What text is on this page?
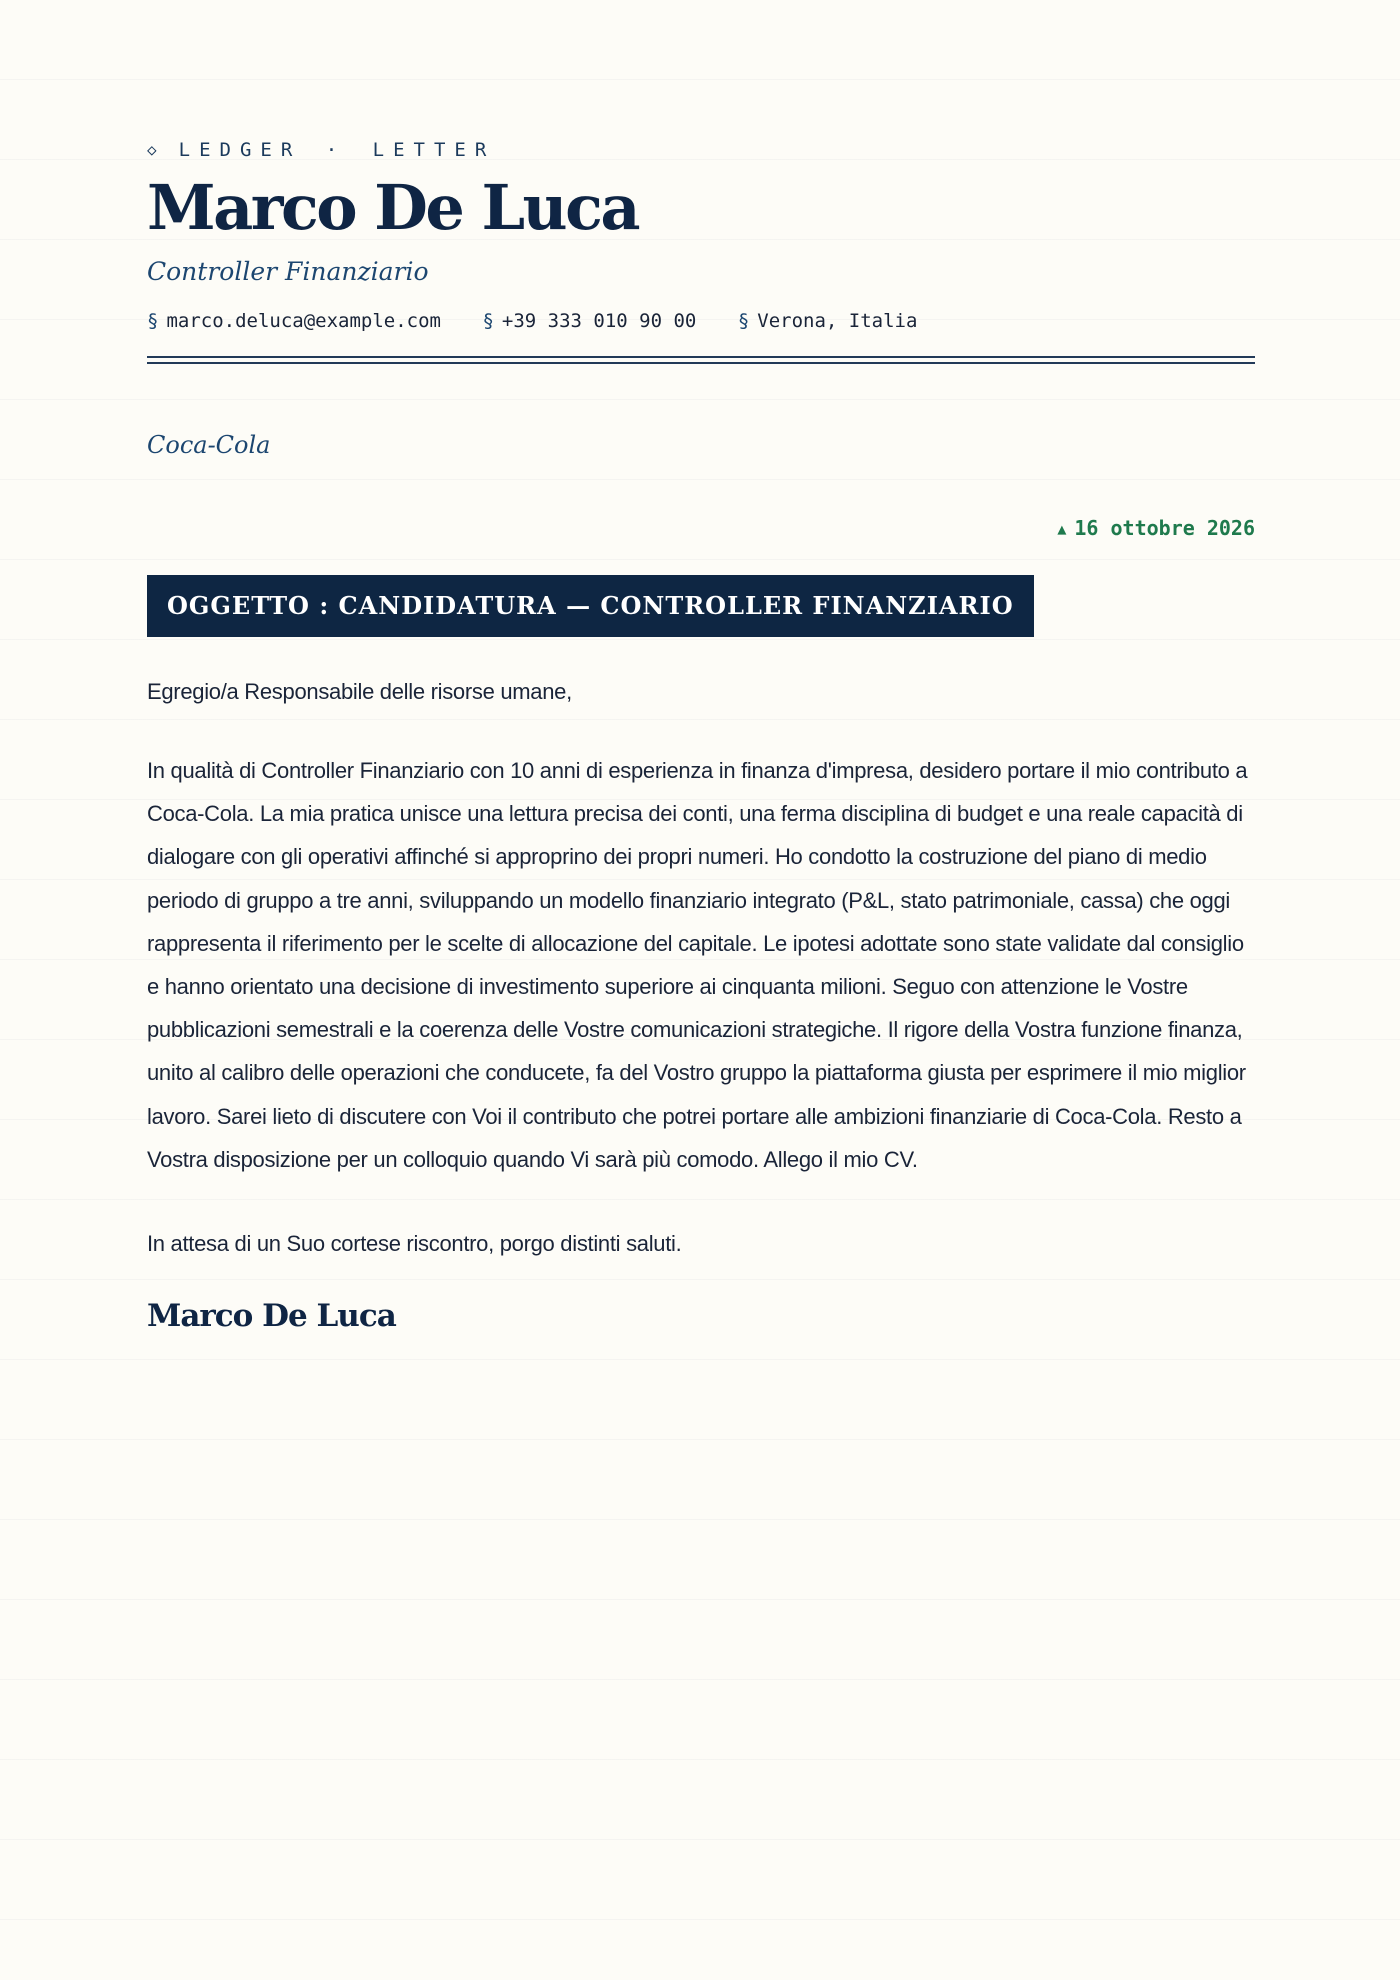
◇ LEDGER · LETTER
Marco De Luca
Controller Finanziario
§ marco.deluca@example.com § +39 333 010 90 00 § Verona, Italia
Coca-Cola
▲ 16 ottobre 2026
OGGETTO : CANDIDATURA — CONTROLLER FINANZIARIO
Egregio/a Responsabile delle risorse umane,

In qualità di Controller Finanziario con 10 anni di esperienza in finanza d'impresa, desidero portare il mio contributo a Coca-Cola. La mia pratica unisce una lettura precisa dei conti, una ferma disciplina di budget e una reale capacità di dialogare con gli operativi affinché si approprino dei propri numeri. Ho condotto la costruzione del piano di medio periodo di gruppo a tre anni, sviluppando un modello finanziario integrato (P&L, stato patrimoniale, cassa) che oggi rappresenta il riferimento per le scelte di allocazione del capitale. Le ipotesi adottate sono state validate dal consiglio e hanno orientato una decisione di investimento superiore ai cinquanta milioni. Seguo con attenzione le Vostre pubblicazioni semestrali e la coerenza delle Vostre comunicazioni strategiche. Il rigore della Vostra funzione finanza, unito al calibro delle operazioni che conducete, fa del Vostro gruppo la piattaforma giusta per esprimere il mio miglior lavoro. Sarei lieto di discutere con Voi il contributo che potrei portare alle ambizioni finanziarie di Coca-Cola. Resto a Vostra disposizione per un colloquio quando Vi sarà più comodo. Allego il mio CV.

In attesa di un Suo cortese riscontro, porgo distinti saluti.
Marco De Luca
